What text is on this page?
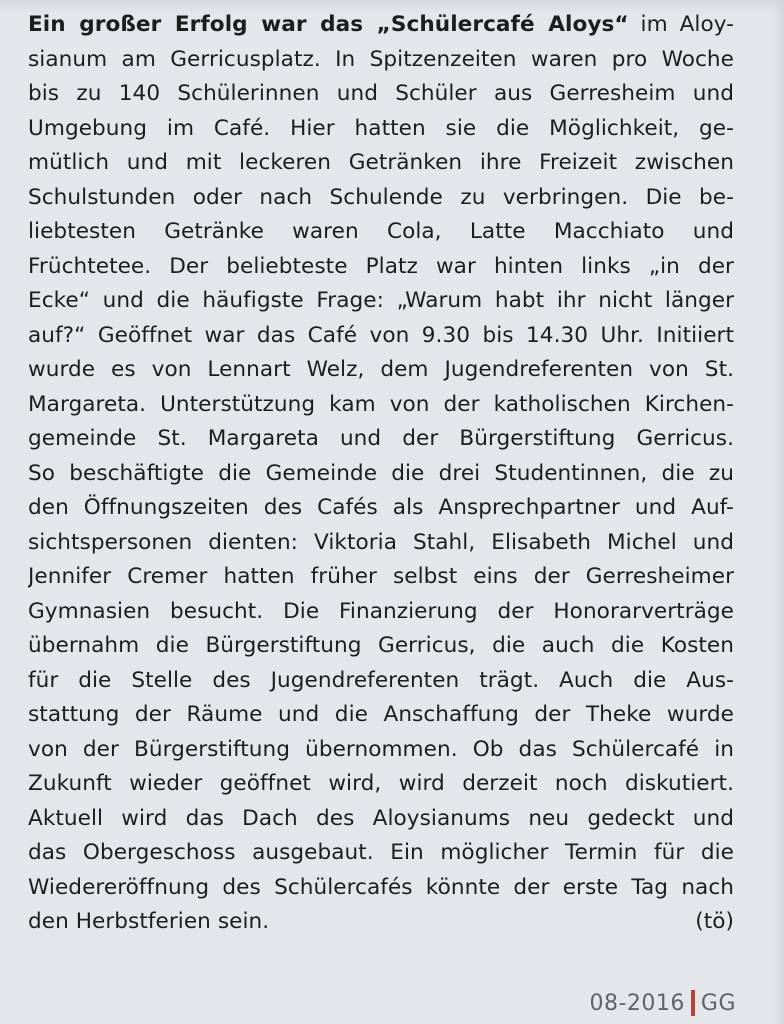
Ein großer Erfolg war das „Schülercafé Aloys“ im Aloy-
sianum am Gerricusplatz. In Spitzenzeiten waren pro Woche
bis zu 140 Schülerinnen und Schüler aus Gerresheim und
Umgebung im Café. Hier hatten sie die Möglichkeit, ge-
mütlich und mit leckeren Getränken ihre Freizeit zwischen
Schulstunden oder nach Schulende zu verbringen. Die be-
liebtesten Getränke waren Cola, Latte Macchiato und
Früchtetee. Der beliebteste Platz war hinten links „in der
Ecke“ und die häufigste Frage: „Warum habt ihr nicht länger
auf?“ Geöffnet war das Café von 9.30 bis 14.30 Uhr. Initiiert
wurde es von Lennart Welz, dem Jugendreferenten von St.
Margareta. Unterstützung kam von der katholischen Kirchen-
gemeinde St. Margareta und der Bürgerstiftung Gerricus.
So beschäftigte die Gemeinde die drei Studentinnen, die zu
den Öffnungszeiten des Cafés als Ansprechpartner und Auf-
sichtspersonen dienten: Viktoria Stahl, Elisabeth Michel und
Jennifer Cremer hatten früher selbst eins der Gerresheimer
Gymnasien besucht. Die Finanzierung der Honorarverträge
übernahm die Bürgerstiftung Gerricus, die auch die Kosten
für die Stelle des Jugendreferenten trägt. Auch die Aus-
stattung der Räume und die Anschaffung der Theke wurde
von der Bürgerstiftung übernommen. Ob das Schülercafé in
Zukunft wieder geöffnet wird, wird derzeit noch diskutiert.
Aktuell wird das Dach des Aloysianums neu gedeckt und
das Obergeschoss ausgebaut. Ein möglicher Termin für die
Wiedereröffnung des Schülercafés könnte der erste Tag nach
den Herbstferien sein.	(tö)
08-2016 GG
